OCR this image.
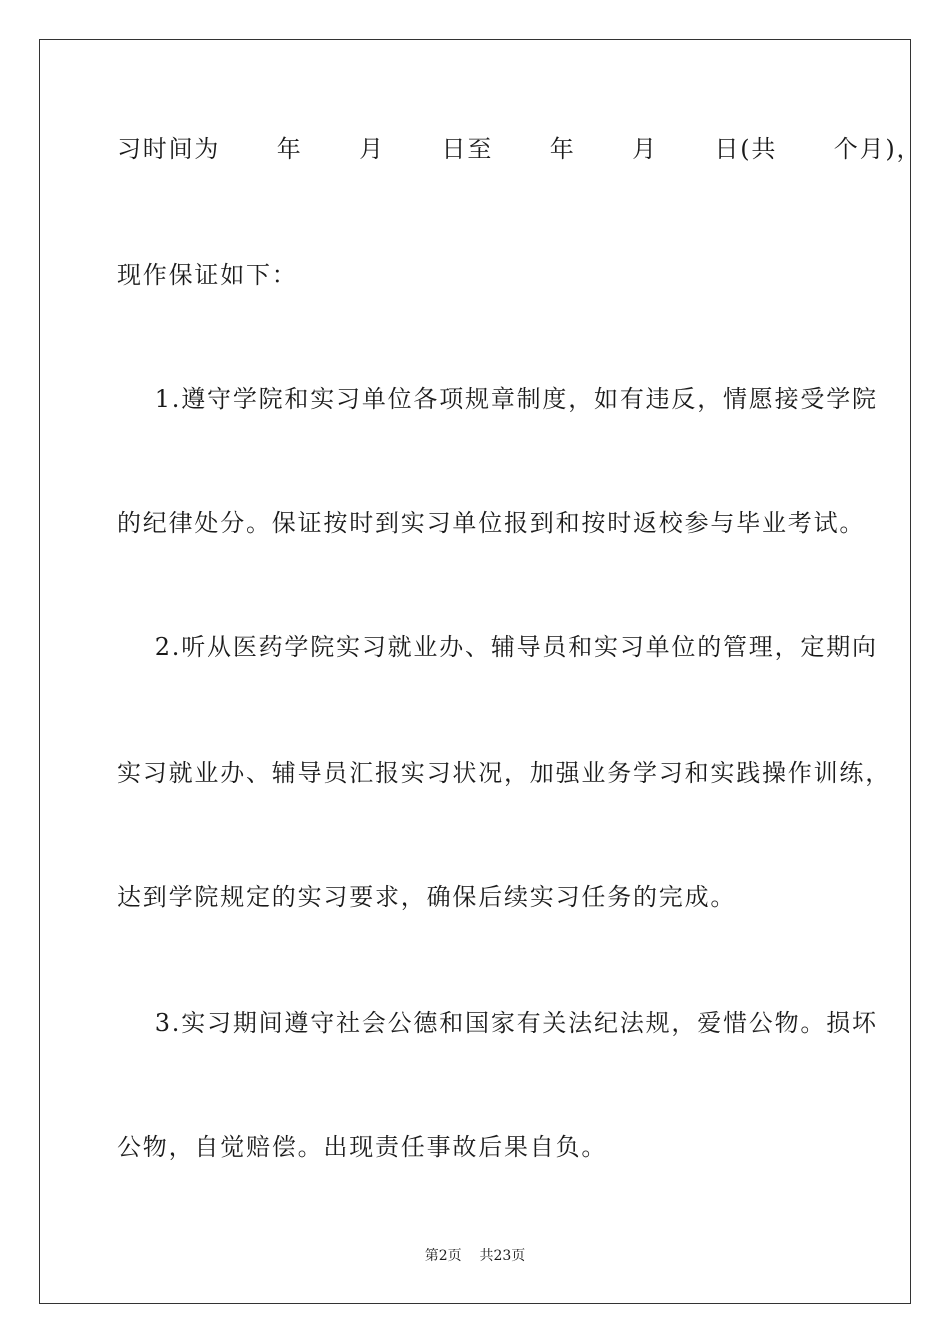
习时间为      年      月      日至      年      月      日(共      个月)，
现作保证如下：
1.遵守学院和实习单位各项规章制度，如有违反，情愿接受学院
的纪律处分。保证按时到实习单位报到和按时返校参与毕业考试。
2.听从医药学院实习就业办、辅导员和实习单位的管理，定期向
实习就业办、辅导员汇报实习状况，加强业务学习和实践操作训练，
达到学院规定的实习要求，确保后续实习任务的完成。
3.实习期间遵守社会公德和国家有关法纪法规，爱惜公物。损坏
公物，自觉赔偿。出现责任事故后果自负。
第2页    共23页
